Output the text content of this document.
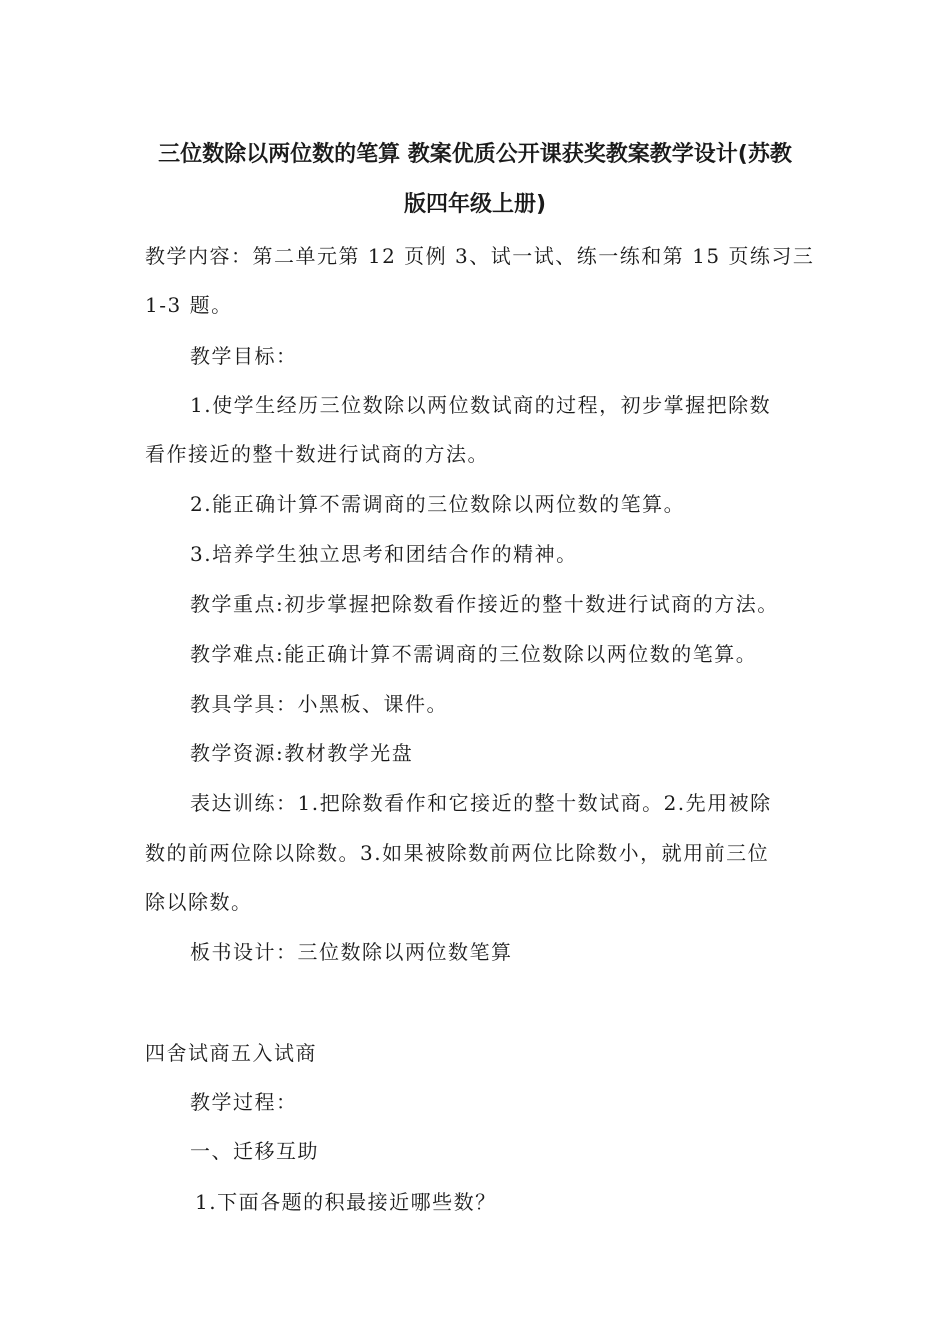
三位数除以两位数的笔算 教案优质公开课获奖教案教学设计(苏教
版四年级上册)
教学内容：第二单元第 12 页例 3、试一试、练一练和第 15 页练习三
1-3 题。
教学目标：
1.使学生经历三位数除以两位数试商的过程，初步掌握把除数
看作接近的整十数进行试商的方法。
2.能正确计算不需调商的三位数除以两位数的笔算。
3.培养学生独立思考和团结合作的精神。
教学重点:初步掌握把除数看作接近的整十数进行试商的方法。
教学难点:能正确计算不需调商的三位数除以两位数的笔算。
教具学具：小黑板、课件。
教学资源:教材教学光盘
表达训练：1.把除数看作和它接近的整十数试商。2.先用被除
数的前两位除以除数。3.如果被除数前两位比除数小，就用前三位
除以除数。
板书设计：三位数除以两位数笔算
四舍试商五入试商
教学过程：
一、迁移互助
1.下面各题的积最接近哪些数？
